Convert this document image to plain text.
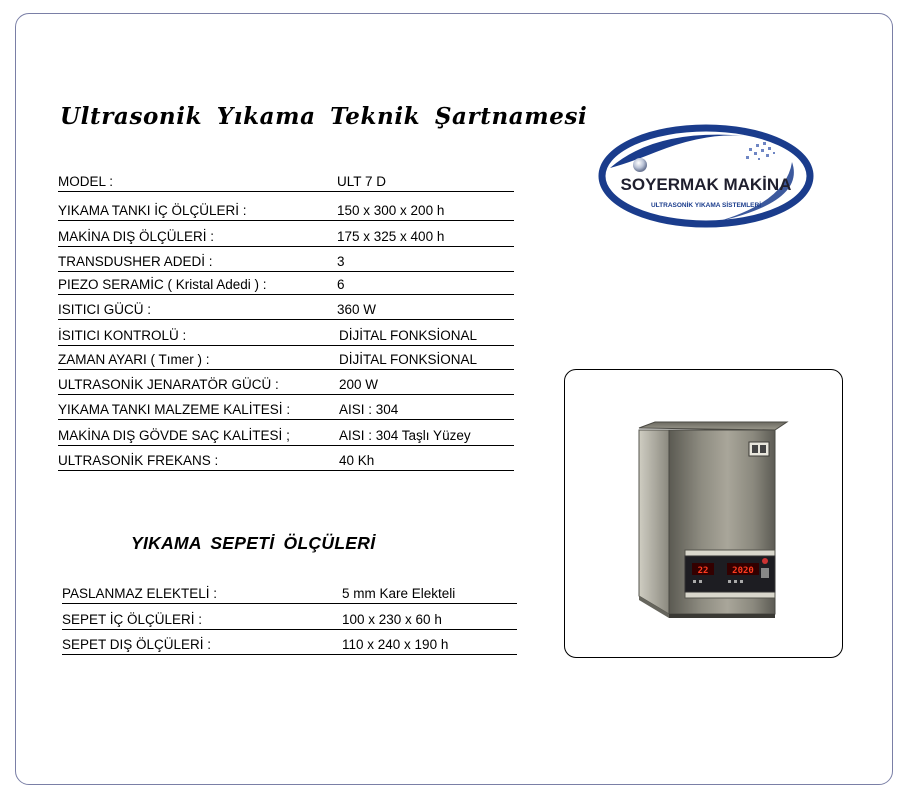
Ultrasonik Yıkama Teknik Şartnamesi
MODEL :	ULT 7 D
YIKAMA TANKI İÇ ÖLÇÜLERİ :	150 x 300 x 200 h
MAKİNA DIŞ ÖLÇÜLERİ :	175 x 325 x 400 h
TRANSDUSHER ADEDİ :	3
PIEZO SERAMİC ( Kristal Adedi ) :	6
ISITICI GÜCÜ :	360 W
İSITICI KONTROLÜ :	DİJİTAL FONKSİONAL
ZAMAN AYARI ( Tımer ) :	DİJİTAL FONKSİONAL
ULTRASONİK JENARATÖR GÜCÜ :	200 W
YIKAMA TANKI MALZEME KALİTESİ :	AISI : 304
MAKİNA DIŞ GÖVDE SAÇ KALİTESİ ;	AISI : 304 Taşlı Yüzey
ULTRASONİK FREKANS :	40 Kh
YIKAMA SEPETİ ÖLÇÜLERİ
PASLANMAZ ELEKTELİ :	5 mm Kare Elekteli
SEPET İÇ ÖLÇÜLERİ :	100 x 230 x 60 h
SEPET DIŞ ÖLÇÜLERİ :	110 x 240 x 190 h
SOYERMAK MAKİNA
ULTRASONİK YIKAMA SİSTEMLERİ
22	2020
